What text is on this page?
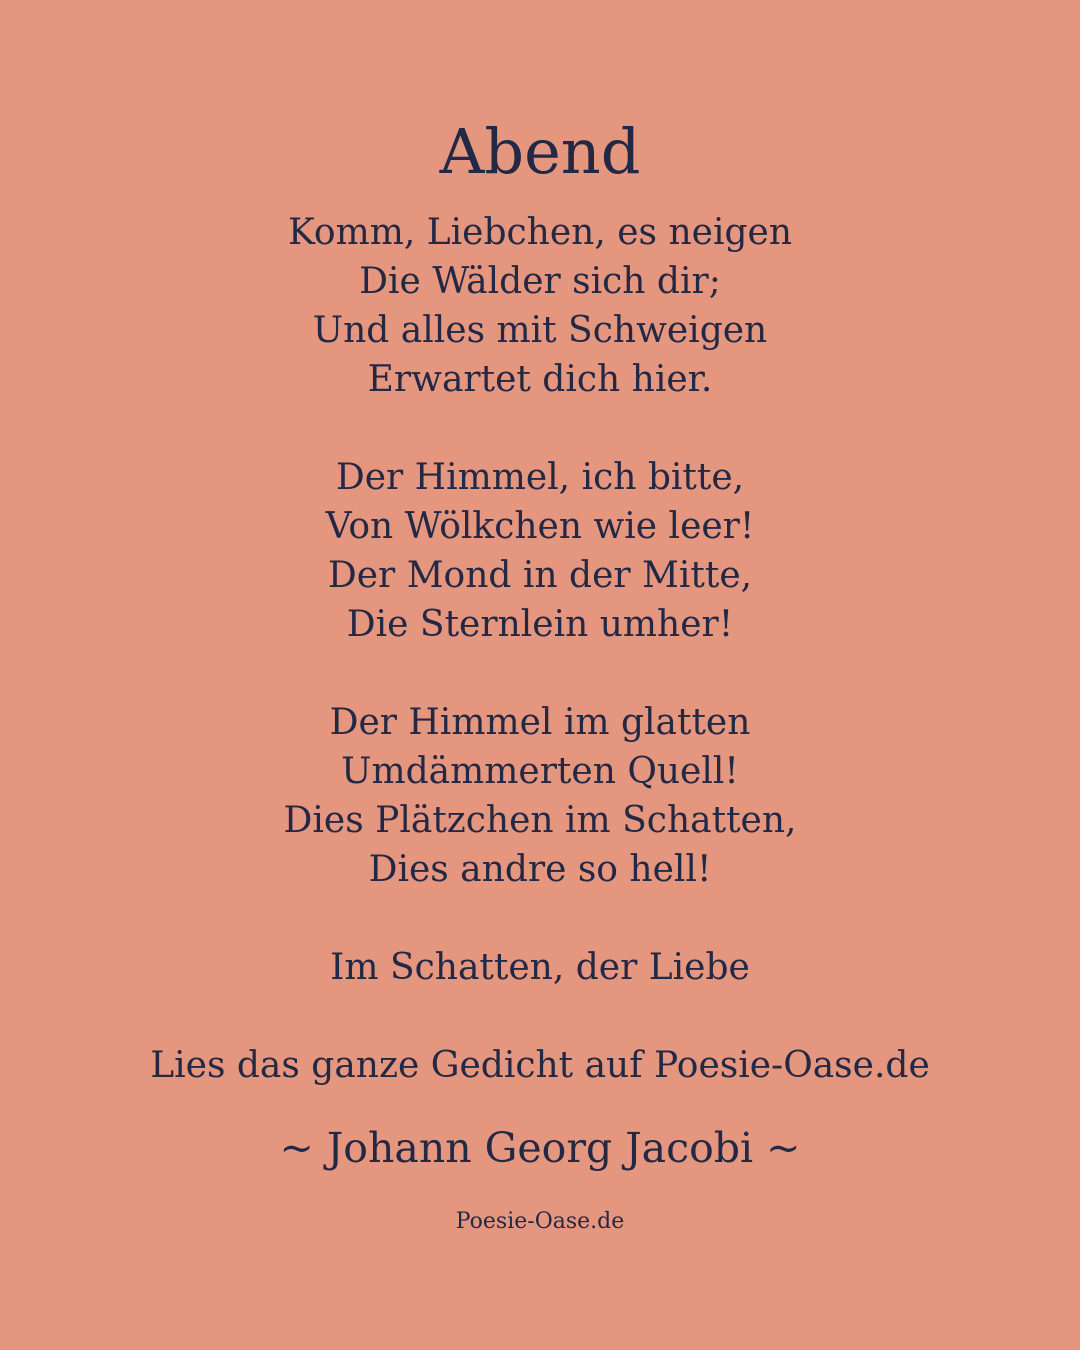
Abend
Komm, Liebchen, es neigen
Die Wälder sich dir;
Und alles mit Schweigen
Erwartet dich hier.
Der Himmel, ich bitte,
Von Wölkchen wie leer!
Der Mond in der Mitte,
Die Sternlein umher!
Der Himmel im glatten
Umdämmerten Quell!
Dies Plätzchen im Schatten,
Dies andre so hell!
Im Schatten, der Liebe
Lies das ganze Gedicht auf Poesie-Oase.de
~ Johann Georg Jacobi ~
Poesie-Oase.de
